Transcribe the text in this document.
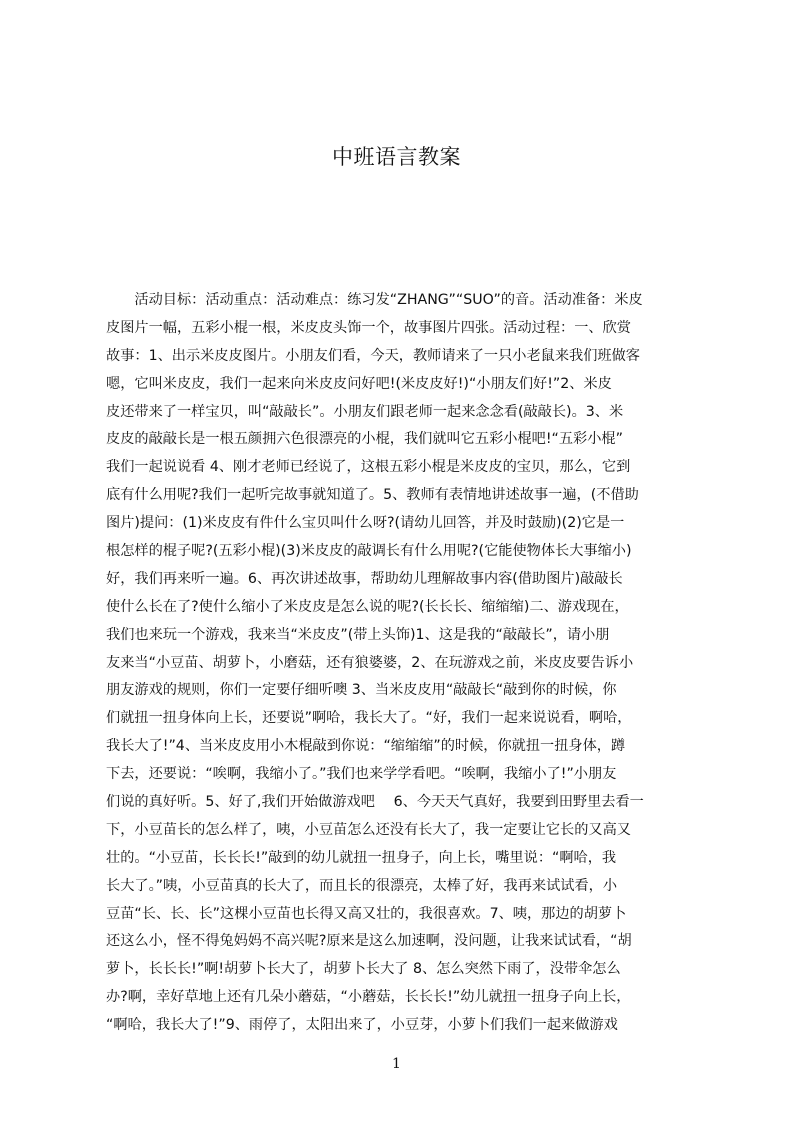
中班语言教案
　　活动目标：活动重点：活动难点：练习发“ZHANG”“SUO”的音。活动准备：米皮
皮图片一幅，五彩小棍一根，米皮皮头饰一个，故事图片四张。活动过程：一、欣赏
故事：1、出示米皮皮图片。小朋友们看，今天，教师请来了一只小老鼠来我们班做客
嗯，它叫米皮皮，我们一起来向米皮皮问好吧!(米皮皮好!)“小朋友们好!”2、米皮
皮还带来了一样宝贝，叫“敲敲长”。小朋友们跟老师一起来念念看(敲敲长)。3、米
皮皮的敲敲长是一根五颜拥六色很漂亮的小棍，我们就叫它五彩小棍吧!“五彩小棍”
我们一起说说看 4、刚才老师已经说了，这根五彩小棍是米皮皮的宝贝，那么，它到
底有什么用呢?我们一起听完故事就知道了。5、教师有表情地讲述故事一遍，(不借助
图片)提问：(1)米皮皮有件什么宝贝叫什么呀?(请幼儿回答，并及时鼓励)(2)它是一
根怎样的棍子呢?(五彩小棍)(3)米皮皮的敲调长有什么用呢?(它能使物体长大事缩小)
好，我们再来听一遍。6、再次讲述故事，帮助幼儿理解故事内容(借助图片)敲敲长
使什么长在了?使什么缩小了米皮皮是怎么说的呢?(长长长、缩缩缩)二、游戏现在，
我们也来玩一个游戏，我来当“米皮皮”(带上头饰)1、这是我的“敲敲长”，请小朋
友来当“小豆苗、胡萝卜，小磨菇，还有狼婆婆，2、在玩游戏之前，米皮皮要告诉小
朋友游戏的规则，你们一定要仔细听噢 3、当米皮皮用“敲敲长“敲到你的时候，你
们就扭一扭身体向上长，还要说”啊哈，我长大了。“好，我们一起来说说看，啊哈，
我长大了!”4、当米皮皮用小木棍敲到你说：“缩缩缩”的时候，你就扭一扭身体，蹲
下去，还要说：“唉啊，我缩小了。”我们也来学学看吧。“唉啊，我缩小了!”小朋友
们说的真好听。5、好了,我们开始做游戏吧　 6、今天天气真好，我要到田野里去看一
下，小豆苗长的怎么样了，咦，小豆苗怎么还没有长大了，我一定要让它长的又高又
壮的。“小豆苗，长长长!”敲到的幼儿就扭一扭身子，向上长，嘴里说：“啊哈，我
长大了。”咦，小豆苗真的长大了，而且长的很漂亮，太棒了好，我再来试试看，小
豆苗“长、长、长”这棵小豆苗也长得又高又壮的，我很喜欢。7、咦，那边的胡萝卜
还这么小，怪不得兔妈妈不高兴呢?原来是这么加速啊，没问题，让我来试试看，“胡
萝卜，长长长!”啊!胡萝卜长大了，胡萝卜长大了 8、怎么突然下雨了，没带伞怎么
办?啊，幸好草地上还有几朵小蘑菇，“小蘑菇，长长长!”幼儿就扭一扭身子向上长，
“啊哈，我长大了!”9、雨停了，太阳出来了，小豆芽，小萝卜们我们一起来做游戏
1
